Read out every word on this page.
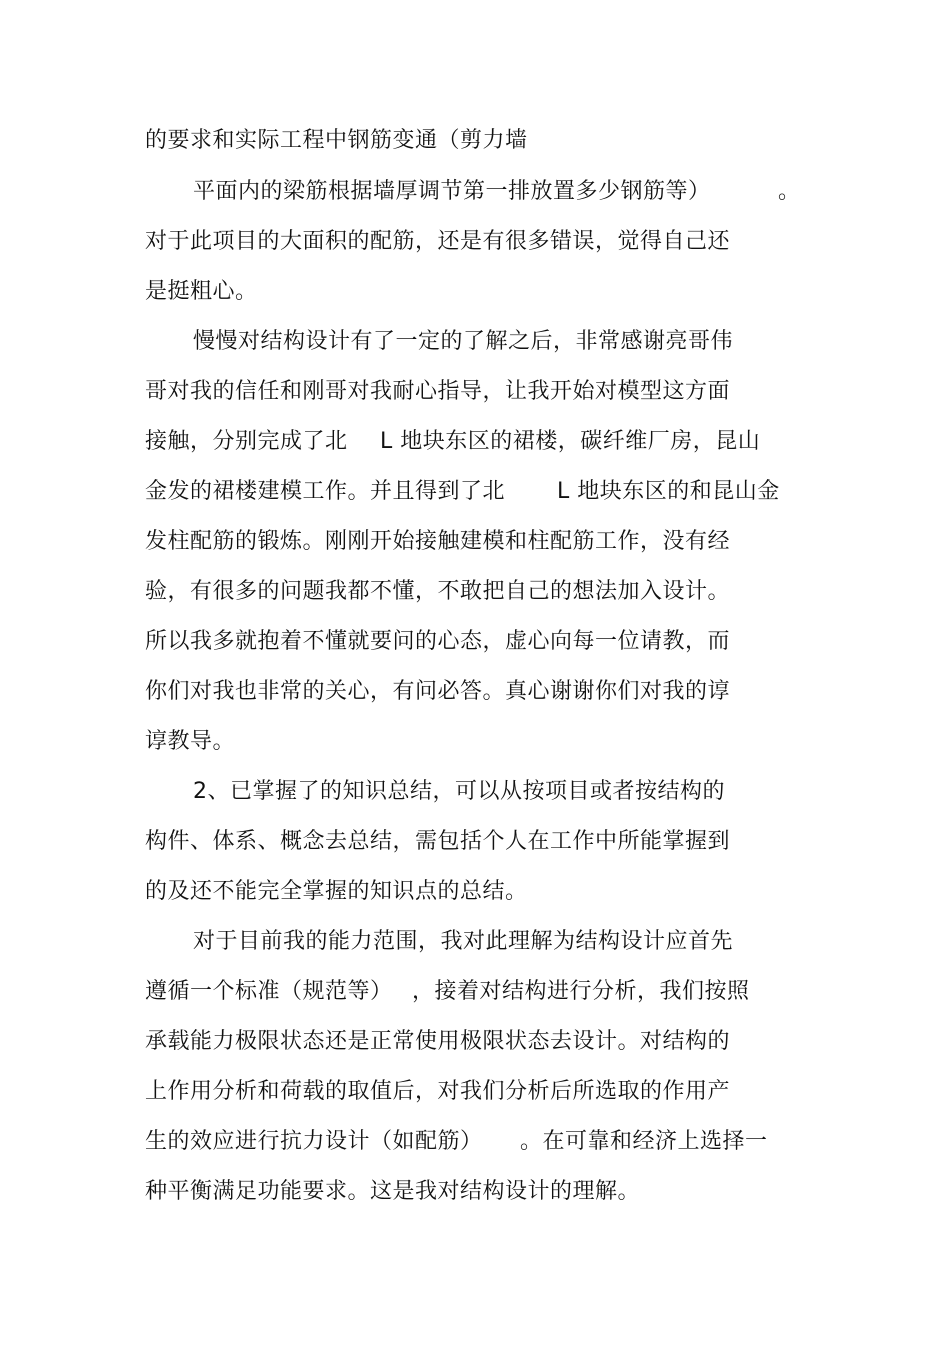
的要求和实际工程中钢筋变通（剪力墙
平面内的梁筋根据墙厚调节第一排放置多少钢筋等）	。
对于此项目的大面积的配筋，还是有很多错误，觉得自己还
是挺粗心。
慢慢对结构设计有了一定的了解之后，非常感谢亮哥伟
哥对我的信任和刚哥对我耐心指导，让我开始对模型这方面
接触，分别完成了北 L 地块东区的裙楼，碳纤维厂房，昆山
金发的裙楼建模工作。并且得到了北 L 地块东区的和昆山金
发柱配筋的锻炼。刚刚开始接触建模和柱配筋工作，没有经
验，有很多的问题我都不懂，不敢把自己的想法加入设计。
所以我多就抱着不懂就要问的心态，虚心向每一位请教，而
你们对我也非常的关心，有问必答。真心谢谢你们对我的谆
谆教导。
2、已掌握了的知识总结，可以从按项目或者按结构的
构件、体系、概念去总结，需包括个人在工作中所能掌握到
的及还不能完全掌握的知识点的总结。
对于目前我的能力范围，我对此理解为结构设计应首先
遵循一个标准（规范等） ，接着对结构进行分析，我们按照
承载能力极限状态还是正常使用极限状态去设计。对结构的
上作用分析和荷载的取值后，对我们分析后所选取的作用产
生的效应进行抗力设计（如配筋） 。在可靠和经济上选择一
种平衡满足功能要求。这是我对结构设计的理解。
